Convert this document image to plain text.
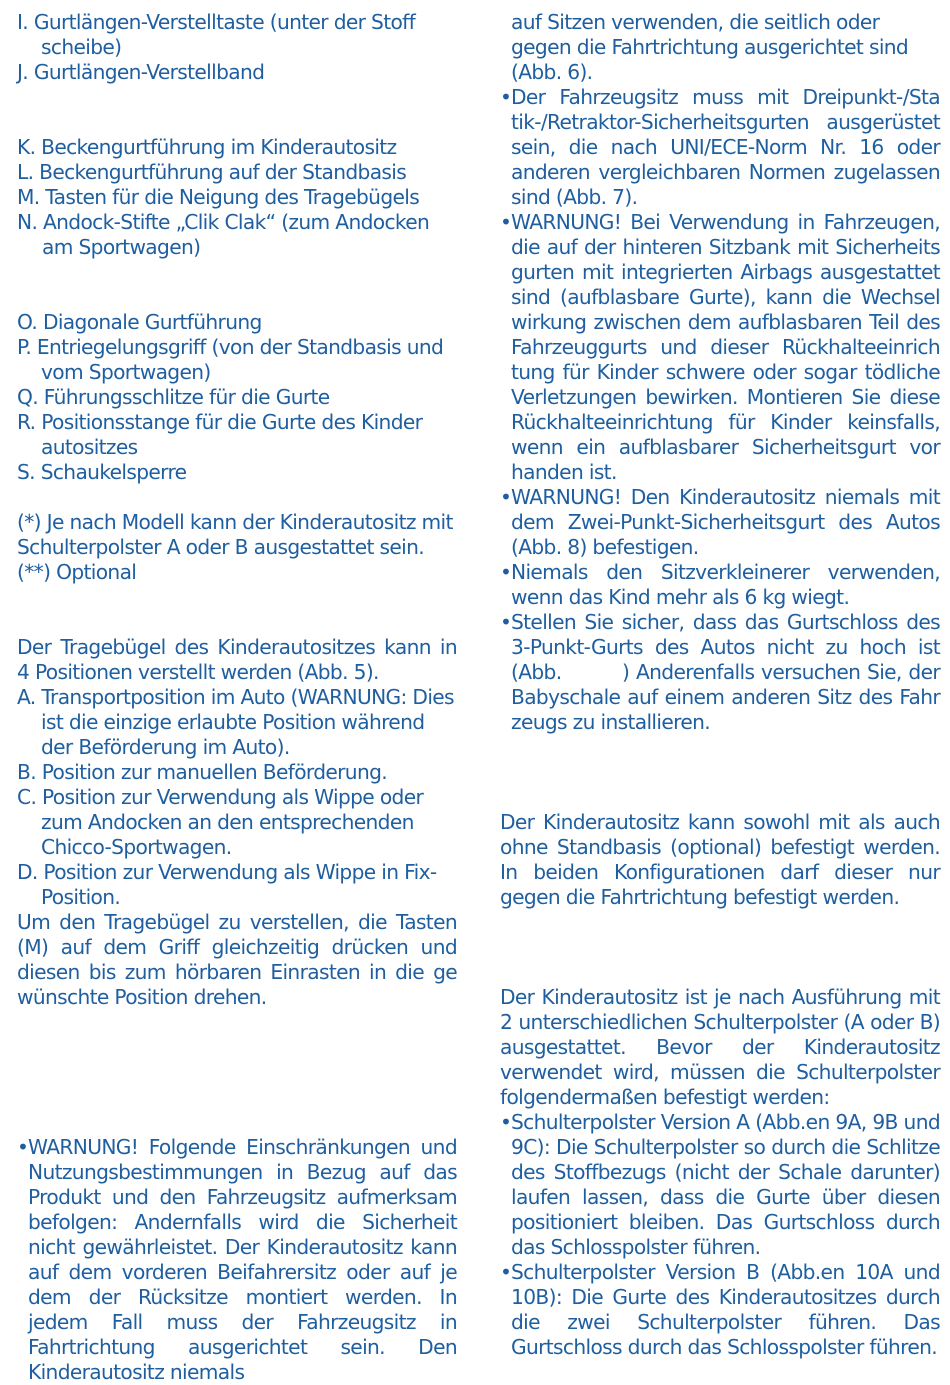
I. Gurtlängen-Verstelltaste (unter der Stoff scheibe)

J. Gurtlängen-Verstellband

K. Beckengurtführung im Kinderautositz

L. Beckengurtführung auf der Standbasis

M. Tasten für die Neigung des Tragebügels

N. Andock-Stifte „Clik Clak“ (zum Andocken am Sportwagen)

O. Diagonale Gurtführung

P. Entriegelungsgriff (von der Standbasis und vom Sportwagen)

Q. Führungsschlitze für die Gurte

R. Positionsstange für die Gurte des Kinder autositzes

S. Schaukelsperre

(*) Je nach Modell kann der Kinderautositz mit Schulterpolster A oder B ausgestattet sein.

(**) Optional

Der Tragebügel des Kinderautositzes kann in 4 Positionen verstellt werden (Abb. 5).

A. Transportposition im Auto (WARNUNG: Dies ist die einzige erlaubte Position während der Beförderung im Auto).

B. Position zur manuellen Beförderung.

C. Position zur Verwendung als Wippe oder zum Andocken an den entsprechenden Chicco-Sportwagen.

D. Position zur Verwendung als Wippe in Fix-Position.

Um den Tragebügel zu verstellen, die Tasten (M) auf dem Griff gleichzeitig drücken und diesen bis zum hörbaren Einrasten in die ge wünschte Position drehen.

•WARNUNG! Folgende Einschränkungen und Nutzungsbestimmungen in Bezug auf das Produkt und den Fahrzeugsitz aufmerksam befolgen: Andernfalls wird die Sicherheit nicht gewährleistet. Der Kinderautositz kann auf dem vorderen Beifahrersitz oder auf je dem der Rücksitze montiert werden. In jedem Fall muss der Fahrzeugsitz in Fahrtrichtung ausgerichtet sein. Den Kinderautositz niemals

auf Sitzen verwenden, die seitlich oder gegen die Fahrtrichtung ausgerichtet sind (Abb. 6).

•Der Fahrzeugsitz muss mit Dreipunkt-/Sta tik-/Retraktor-Sicherheitsgurten ausgerüstet sein, die nach UNI/ECE-Norm Nr. 16 oder anderen vergleichbaren Normen zugelassen sind (Abb. 7).

•WARNUNG! Bei Verwendung in Fahrzeugen, die auf der hinteren Sitzbank mit Sicherheits gurten mit integrierten Airbags ausgestattet sind (aufblasbare Gurte), kann die Wechsel wirkung zwischen dem aufblasbaren Teil des Fahrzeuggurts und dieser Rückhalteeinrich tung für Kinder schwere oder sogar tödliche Verletzungen bewirken. Montieren Sie diese Rückhalteeinrichtung für Kinder keinsfalls, wenn ein aufblasbarer Sicherheitsgurt vor handen ist.

•WARNUNG! Den Kinderautositz niemals mit dem Zwei-Punkt-Sicherheitsgurt des Autos (Abb. 8) befestigen.

•Niemals den Sitzverkleinerer verwenden, wenn das Kind mehr als 6 kg wiegt.

•Stellen Sie sicher, dass das Gurtschloss des 3-Punkt-Gurts des Autos nicht zu hoch ist (Abb.         ) Anderenfalls versuchen Sie, der Babyschale auf einem anderen Sitz des Fahr zeugs zu installieren.

Der Kinderautositz kann sowohl mit als auch ohne Standbasis (optional) befestigt werden. In beiden Konfigurationen darf dieser nur gegen die Fahrtrichtung befestigt werden.

Der Kinderautositz ist je nach Ausführung mit 2 unterschiedlichen Schulterpolster (A oder B) ausgestattet. Bevor der Kinderautositz verwendet wird, müssen die Schulterpolster folgendermaßen befestigt werden:

•Schulterpolster Version A (Abb.en 9A, 9B und 9C): Die Schulterpolster so durch die Schlitze des Stoffbezugs (nicht der Schale darunter) laufen lassen, dass die Gurte über diesen positioniert bleiben. Das Gurtschloss durch das Schlosspolster führen.

•Schulterpolster Version B (Abb.en 10A und 10B): Die Gurte des Kinderautositzes durch die zwei Schulterpolster führen. Das Gurtschloss durch das Schlosspolster führen.
